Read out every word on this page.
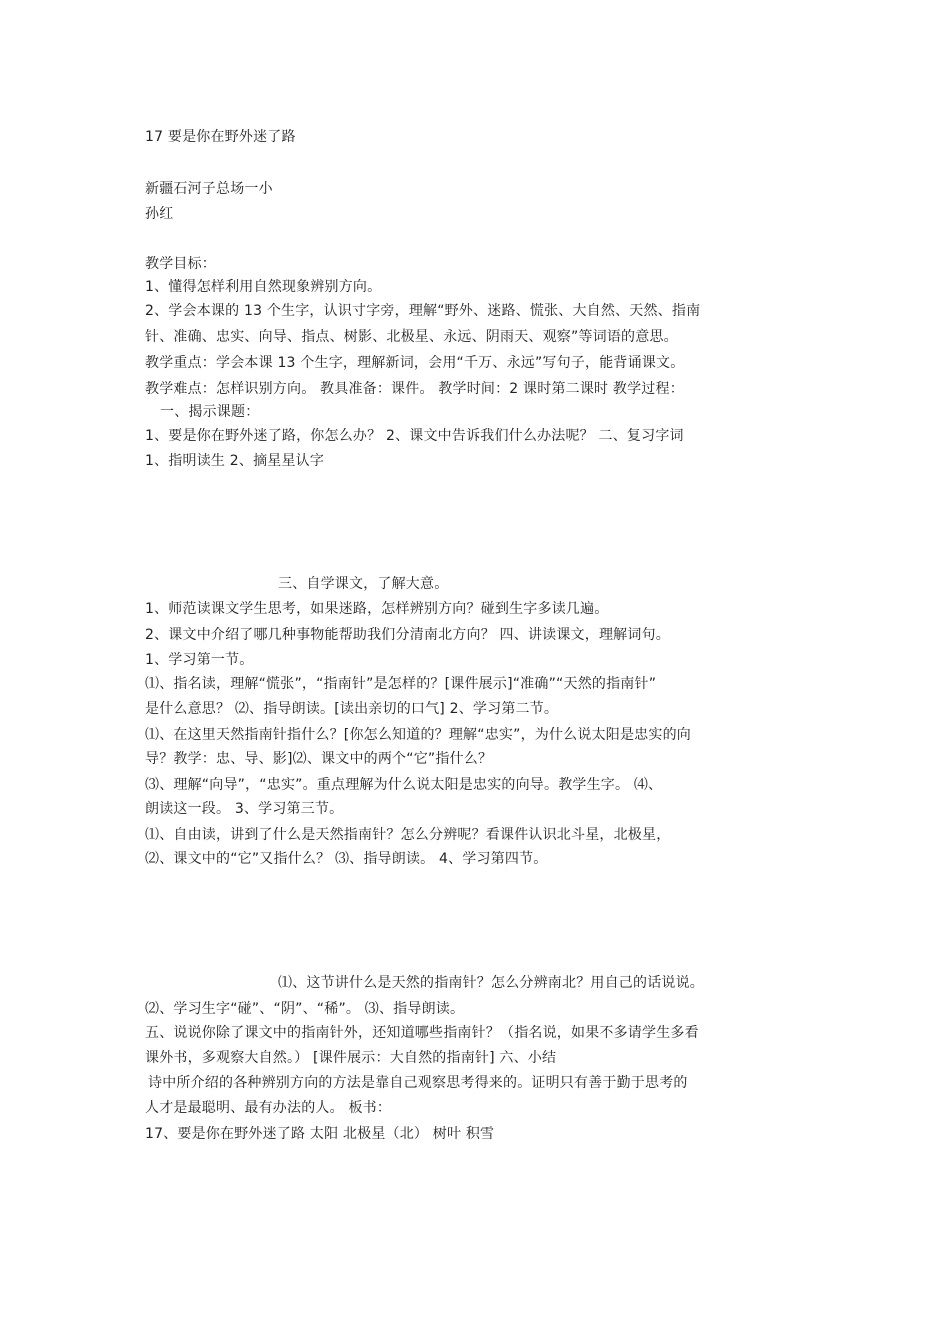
17 要是你在野外迷了路
新疆石河子总场一小
孙红
教学目标：
1、懂得怎样利用自然现象辨别方向。
2、学会本课的 13 个生字，认识寸字旁，理解“野外、迷路、慌张、大自然、天然、指南
针、准确、忠实、向导、指点、树影、北极星、永远、阴雨天、观察”等词语的意思。
教学重点：学会本课 13 个生字，理解新词，会用“千万、永远”写句子，能背诵课文。
教学难点：怎样识别方向。 教具准备：课件。 教学时间：2 课时第二课时 教学过程：
一、揭示课题：
1、要是你在野外迷了路，你怎么办？ 2、课文中告诉我们什么办法呢？ 二、复习字词
1、指明读生 2、摘星星认字
三、自学课文，了解大意。
1、师范读课文学生思考，如果迷路，怎样辨别方向？碰到生字多读几遍。
2、课文中介绍了哪几种事物能帮助我们分清南北方向？ 四、讲读课文，理解词句。
1、学习第一节。
⑴、指名读，理解“慌张”，“指南针”是怎样的？[课件展示]“准确”“天然的指南针”
是什么意思？ ⑵、指导朗读。[读出亲切的口气] 2、学习第二节。
⑴、在这里天然指南针指什么？[你怎么知道的？理解“忠实”，为什么说太阳是忠实的向
导？教学：忠、导、影]⑵、课文中的两个“它”指什么？
⑶、理解“向导”，“忠实”。重点理解为什么说太阳是忠实的向导。教学生字。 ⑷、
朗读这一段。 3、学习第三节。
⑴、自由读，讲到了什么是天然指南针？怎么分辨呢？看课件认识北斗星，北极星，
⑵、课文中的“它”又指什么？ ⑶、指导朗读。 4、学习第四节。
⑴、这节讲什么是天然的指南针？怎么分辨南北？用自己的话说说。
⑵、学习生字“碰”、“阴”、“稀”。 ⑶、指导朗读。
五、说说你除了课文中的指南针外，还知道哪些指南针？（指名说，如果不多请学生多看
课外书，多观察大自然。） [课件展示：大自然的指南针] 六、小结
诗中所介绍的各种辨别方向的方法是靠自己观察思考得来的。证明只有善于勤于思考的
人才是最聪明、最有办法的人。 板书：
17、要是你在野外迷了路 太阳 北极星（北） 树叶 积雪
